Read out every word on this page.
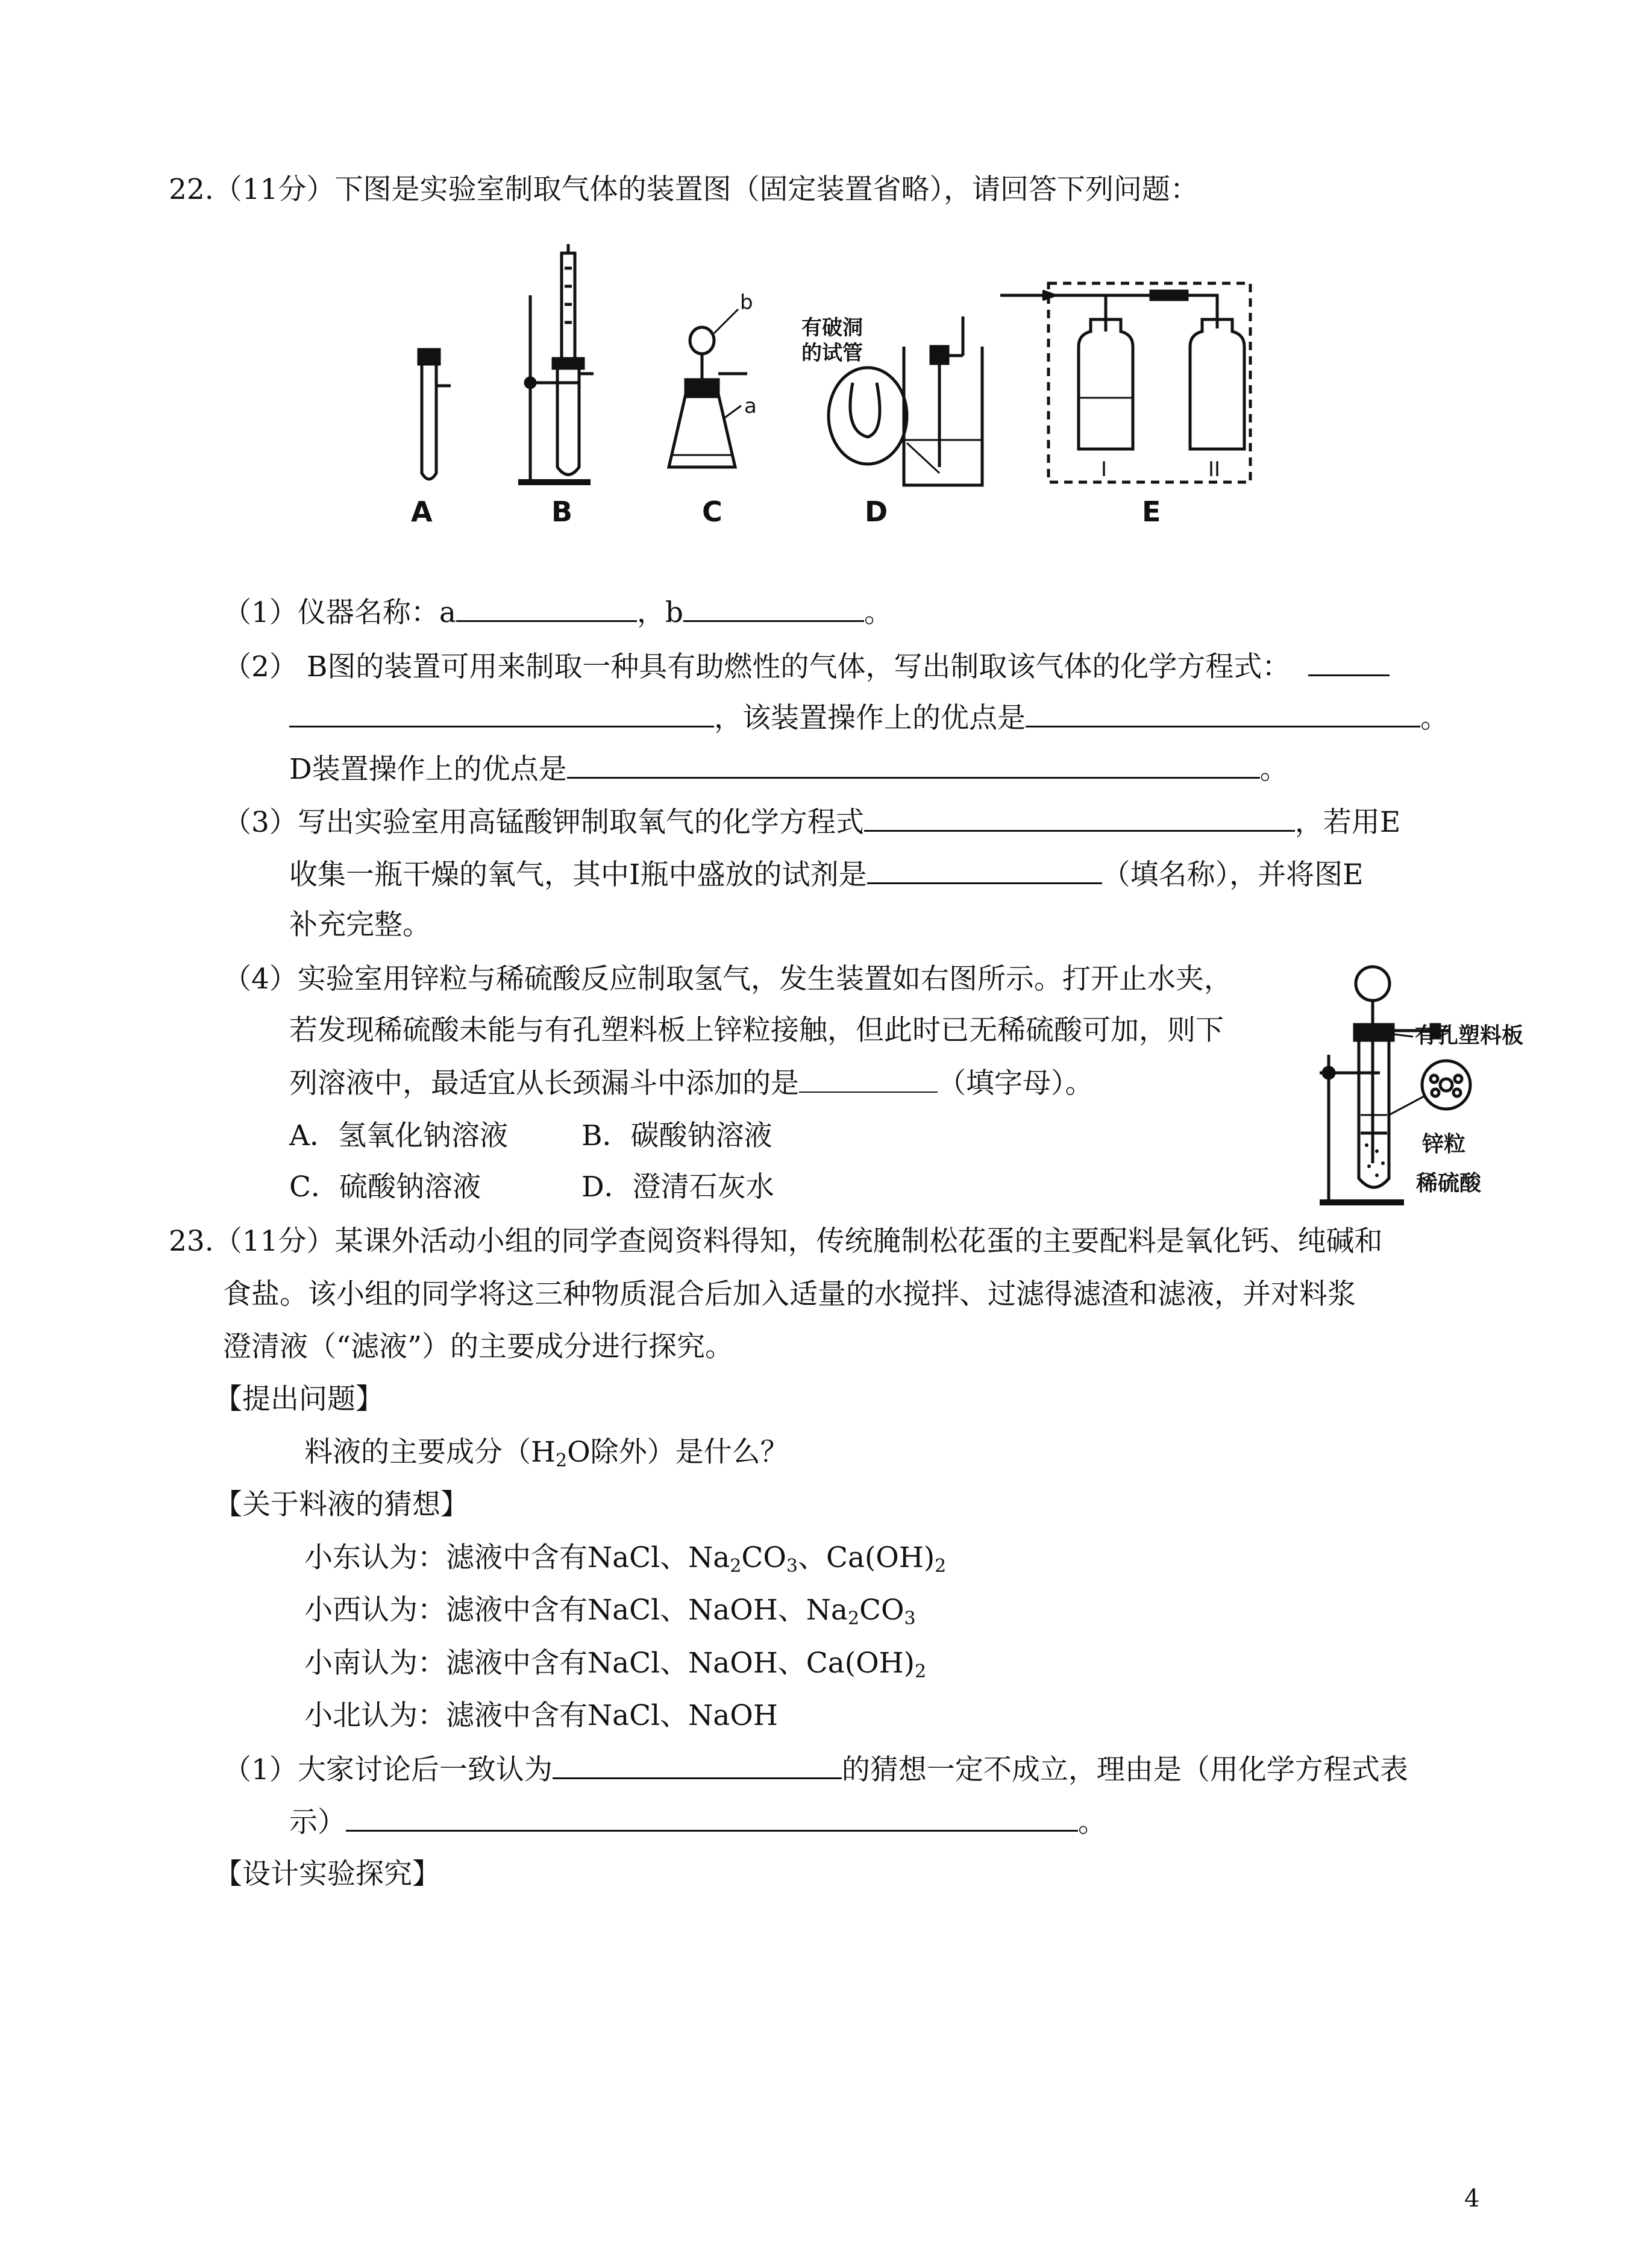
22.（11分）下图是实验室制取气体的装置图（固定装置省略），请回答下列问题：
A	B	C	D	E
b
a
有破洞
的试管
I	II
（1）仪器名称：a	，b	。
（2） B图的装置可用来制取一种具有助燃性的气体，写出制取该气体的化学方程式：
，该装置操作上的优点是	。
D装置操作上的优点是	。
（3）写出实验室用高锰酸钾制取氧气的化学方程式	，若用E
收集一瓶干燥的氧气，其中I瓶中盛放的试剂是	（填名称），并将图E
补充完整。
（4）实验室用锌粒与稀硫酸反应制取氢气，发生装置如右图所示。打开止水夹，
若发现稀硫酸未能与有孔塑料板上锌粒接触，但此时已无稀硫酸可加，则下
列溶液中，最适宜从长颈漏斗中添加的是	（填字母）。
A．氢氧化钠溶液	B．碳酸钠溶液
C．硫酸钠溶液	D．澄清石灰水
有孔塑料板
锌粒
稀硫酸
23.（11分）某课外活动小组的同学查阅资料得知，传统腌制松花蛋的主要配料是氧化钙、纯碱和
食盐。该小组的同学将这三种物质混合后加入适量的水搅拌、过滤得滤渣和滤液，并对料浆
澄清液（“滤液”）的主要成分进行探究。
【提出问题】
料液的主要成分（$H_2O$除外）是什么？
【关于料液的猜想】
小东认为：滤液中含有NaCl、$Na_2CO_3$、$Ca(OH)_2$
小西认为：滤液中含有NaCl、NaOH、$Na_2CO_3$
小南认为：滤液中含有NaCl、NaOH、$Ca(OH)_2$
小北认为：滤液中含有NaCl、NaOH
（1）大家讨论后一致认为	的猜想一定不成立，理由是（用化学方程式表
示）	。
【设计实验探究】
4
